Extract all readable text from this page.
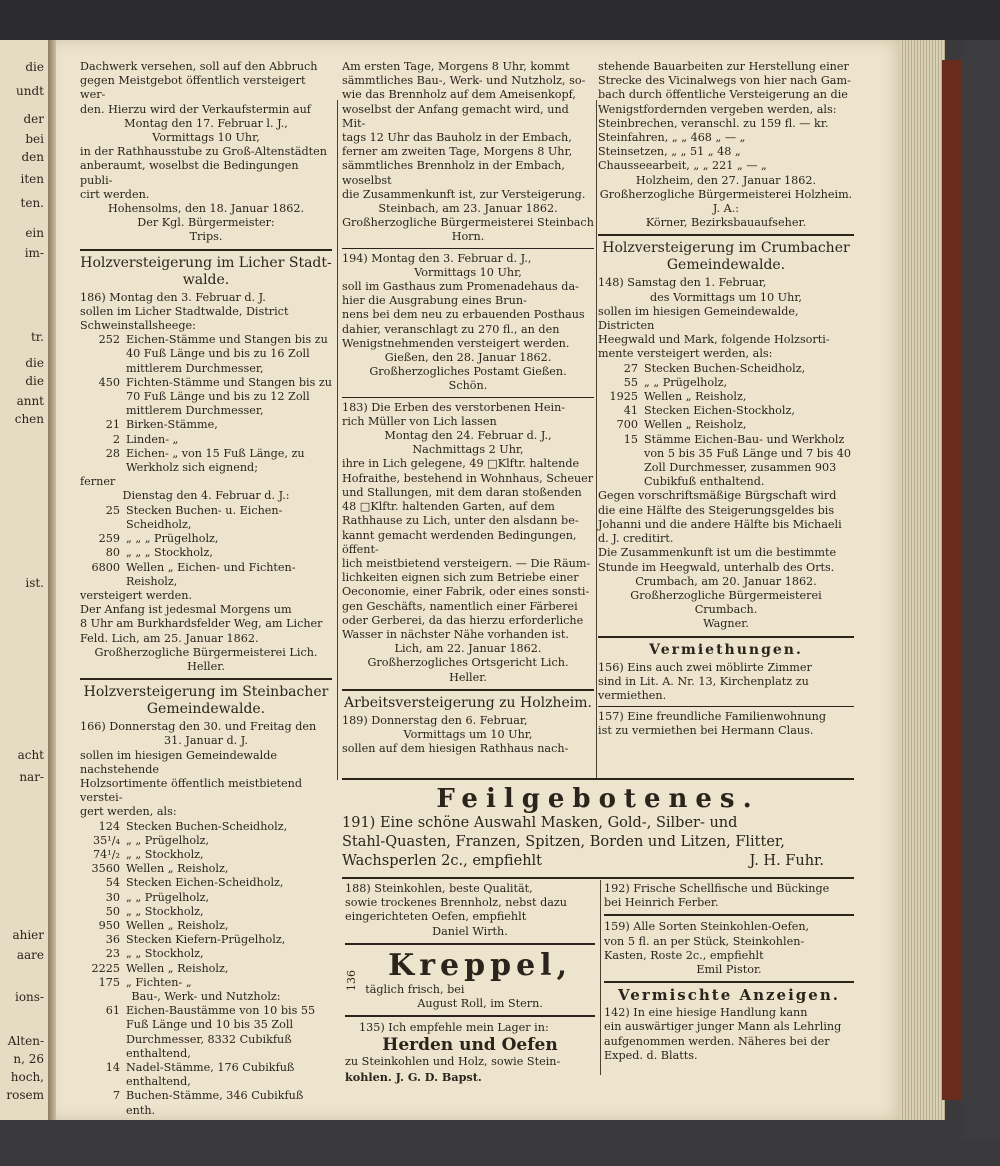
die
undt
der
bei
den
iten
ten.
ein
im-
tr.
die
die
annt
chen
ist.
acht
nar-
ahier
aare
ions-
Alten-
n, 26
hoch,
rosem

Dachwerk versehen, soll auf den Abbruch

gegen Meistgebot öffentlich versteigert wer-

den. Hierzu wird der Verkaufstermin auf

Montag den 17. Februar l. J.,

Vormittags 10 Uhr,

in der Rathhausstube zu Groß-Altenstädten

anberaumt, woselbst die Bedingungen publi-

cirt werden.

Hohensolms, den 18. Januar 1862.

Der Kgl. Bürgermeister:

Trips.

Holzversteigerung im Licher Stadt-walde.

186) Montag den 3. Februar d. J.

sollen im Licher Stadtwalde, District

Schweinstallsheege:

252 Eichen-Stämme und Stangen bis zu 40 Fuß Länge und bis zu 16 Zoll mittlerem Durchmesser,
450 Fichten-Stämme und Stangen bis zu 70 Fuß Länge und bis zu 12 Zoll mittlerem Durchmesser,
21 Birken-Stämme,
2 Linden- „
28 Eichen- „ von 15 Fuß Länge, zu Werkholz sich eignend;

ferner

Dienstag den 4. Februar d. J.:

25 Stecken Buchen- u. Eichen-Scheidholz,
259 „ „ „ Prügelholz,
80 „ „ „ Stockholz,
6800 Wellen „ Eichen- und Fichten-Reisholz,

versteigert werden.

Der Anfang ist jedesmal Morgens um

8 Uhr am Burkhardsfelder Weg, am Licher

Feld. Lich, am 25. Januar 1862.

Großherzogliche Bürgermeisterei Lich.

Heller.

Holzversteigerung im Steinbacher Gemeindewalde.

166) Donnerstag den 30. und Freitag den

31. Januar d. J.

sollen im hiesigen Gemeindewalde nachstehende

Holzsortimente öffentlich meistbietend verstei-

gert werden, als:

124 Stecken Buchen-Scheidholz,
35¹/₄ „ „ Prügelholz,
74¹/₂ „ „ Stockholz,
3560 Wellen „ Reisholz,
54 Stecken Eichen-Scheidholz,
30 „ „ Prügelholz,
50 „ „ Stockholz,
950 Wellen „ Reisholz,
36 Stecken Kiefern-Prügelholz,
23 „ „ Stockholz,
2225 Wellen „ Reisholz,
175 „ Fichten- „
Bau-, Werk- und Nutzholz:
61 Eichen-Baustämme von 10 bis 55 Fuß Länge und 10 bis 35 Zoll Durchmesser, 8332 Cubikfuß enthaltend,
14 Nadel-Stämme, 176 Cubikfuß enthaltend,
7 Buchen-Stämme, 346 Cubikfuß enth.

Am ersten Tage, Morgens 8 Uhr, kommt

sämmtliches Bau-, Werk- und Nutzholz, so-

wie das Brennholz auf dem Ameisenkopf,

woselbst der Anfang gemacht wird, und Mit-

tags 12 Uhr das Bauholz in der Embach,

ferner am zweiten Tage, Morgens 8 Uhr,

sämmtliches Brennholz in der Embach, woselbst

die Zusammenkunft ist, zur Versteigerung.

Steinbach, am 23. Januar 1862.

Großherzogliche Bürgermeisterei Steinbach

Horn.

194) Montag den 3. Februar d. J.,

Vormittags 10 Uhr,

soll im Gasthaus zum Promenadehaus da-

hier die Ausgrabung eines Brun-

nens bei dem neu zu erbauenden Posthaus

dahier, veranschlagt zu 270 fl., an den

Wenigstnehmenden versteigert werden.

Gießen, den 28. Januar 1862.

Großherzogliches Postamt Gießen.

Schön.

183) Die Erben des verstorbenen Hein-

rich Müller von Lich lassen

Montag den 24. Februar d. J.,

Nachmittags 2 Uhr,

ihre in Lich gelegene, 49 □Klftr. haltende

Hofraithe, bestehend in Wohnhaus, Scheuer

und Stallungen, mit dem daran stoßenden

48 □Klftr. haltenden Garten, auf dem

Rathhause zu Lich, unter den alsdann be-

kannt gemacht werdenden Bedingungen, öffent-

lich meistbietend versteigern. — Die Räum-

lichkeiten eignen sich zum Betriebe einer

Oeconomie, einer Fabrik, oder eines sonsti-

gen Geschäfts, namentlich einer Färberei

oder Gerberei, da das hierzu erforderliche

Wasser in nächster Nähe vorhanden ist.

Lich, am 22. Januar 1862.

Großherzogliches Ortsgericht Lich.

Heller.

Arbeitsversteigerung zu Holzheim.

189) Donnerstag den 6. Februar,

Vormittags um 10 Uhr,

sollen auf dem hiesigen Rathhaus nach-

stehende Bauarbeiten zur Herstellung einer

Strecke des Vicinalwegs von hier nach Gam-

bach durch öffentliche Versteigerung an die

Wenigstfordernden vergeben werden, als:

Steinbrechen, veranschl. zu 159 fl. — kr.
Steinfahren, „ „ 468 „ — „
Steinsetzen, „ „ 51 „ 48 „
Chausseearbeit, „ „ 221 „ — „

Holzheim, den 27. Januar 1862.

Großherzogliche Bürgermeisterei Holzheim.

J. A.:

Körner, Bezirksbauaufseher.

Holzversteigerung im Crumbacher Gemeindewalde.

148) Samstag den 1. Februar,

des Vormittags um 10 Uhr,

sollen im hiesigen Gemeindewalde, Districten

Heegwald und Mark, folgende Holzsorti-

mente versteigert werden, als:

27 Stecken Buchen-Scheidholz,
55 „ „ Prügelholz,
1925 Wellen „ Reisholz,
41 Stecken Eichen-Stockholz,
700 Wellen „ Reisholz,
15 Stämme Eichen-Bau- und Werkholz von 5 bis 35 Fuß Länge und 7 bis 40 Zoll Durchmesser, zusammen 903 Cubikfuß enthaltend.

Gegen vorschriftsmäßige Bürgschaft wird

die eine Hälfte des Steigerungsgeldes bis

Johanni und die andere Hälfte bis Michaeli

d. J. creditirt.

Die Zusammenkunft ist um die bestimmte

Stunde im Heegwald, unterhalb des Orts.

Crumbach, am 20. Januar 1862.

Großherzogliche Bürgermeisterei Crumbach.

Wagner.

Vermiethungen.

156) Eins auch zwei möblirte Zimmer

sind in Lit. A. Nr. 13, Kirchenplatz zu

vermiethen.

157) Eine freundliche Familienwohnung

ist zu vermiethen bei Hermann Claus.

Feilgebotenes.

191) Eine schöne Auswahl Masken, Gold-, Silber- und

Stahl-Quasten, Franzen, Spitzen, Borden und Litzen, Flitter,

Wachsperlen 2c., empfiehlt	J. H. Fuhr.

188) Steinkohlen, beste Qualität,

sowie trockenes Brennholz, nebst dazu

eingerichteten Oefen, empfiehlt

Daniel Wirth.

136	Kreppel,

täglich frisch, bei

August Roll, im Stern.

135) Ich empfehle mein Lager in:
Herden und Oefen
zu Steinkohlen und Holz, sowie Stein-
kohlen. J. G. D. Bapst.

192) Frische Schellfische und Bückinge

bei Heinrich Ferber.

159) Alle Sorten Steinkohlen-Oefen,

von 5 fl. an per Stück, Steinkohlen-

Kasten, Roste 2c., empfiehlt

Emil Pistor.

Vermischte Anzeigen.

142) In eine hiesige Handlung kann

ein auswärtiger junger Mann als Lehrling

aufgenommen werden. Näheres bei der

Exped. d. Blatts.
